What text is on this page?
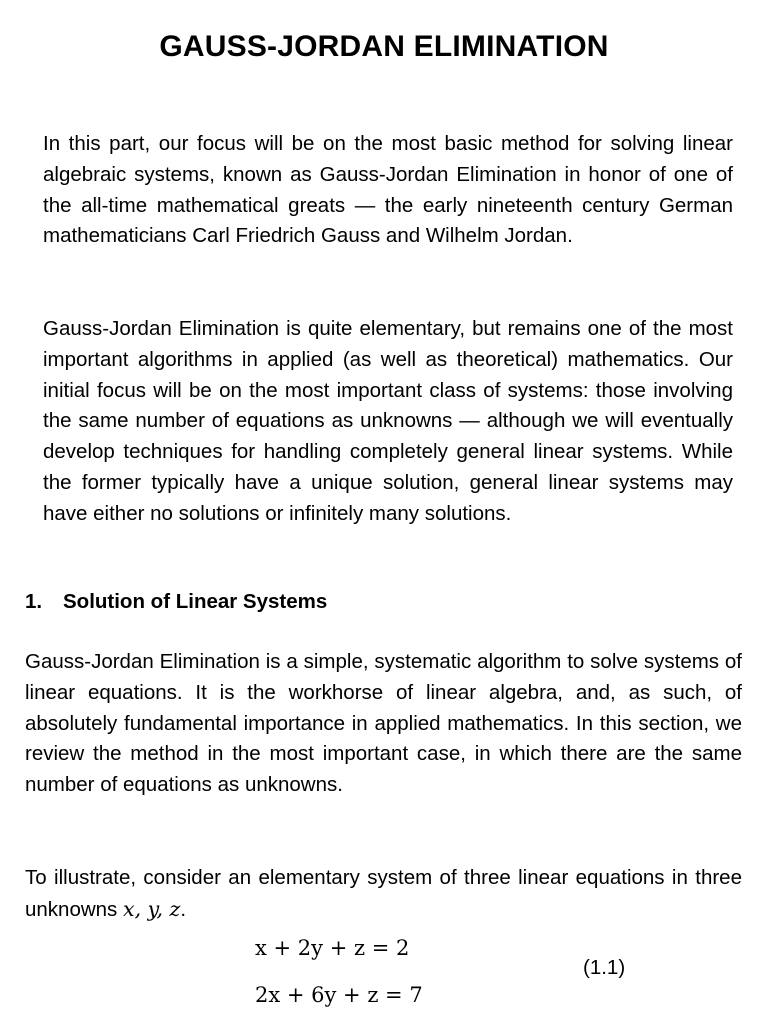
GAUSS-JORDAN ELIMINATION

In this part, our focus will be on the most basic method for solving linear algebraic systems, known as Gauss-Jordan Elimination in honor of one of the all-time mathematical greats — the early nineteenth century German mathematicians Carl Friedrich Gauss and Wilhelm Jordan.

Gauss-Jordan Elimination is quite elementary, but remains one of the most important algorithms in applied (as well as theoretical) mathematics. Our initial focus will be on the most important class of systems: those involving the same number of equations as unknowns — although we will eventually develop techniques for handling completely general linear systems. While the former typically have a unique solution, general linear systems may have either no solutions or infinitely many solutions.

1. Solution of Linear Systems

Gauss-Jordan Elimination is a simple, systematic algorithm to solve systems of linear equations. It is the workhorse of linear algebra, and, as such, of absolutely fundamental importance in applied mathematics. In this section, we review the method in the most important case, in which there are the same number of equations as unknowns.

To illustrate, consider an elementary system of three linear equations in three unknowns x, y, z.

x + 2y + z = 2
2x + 6y + z = 7
(1.1)
